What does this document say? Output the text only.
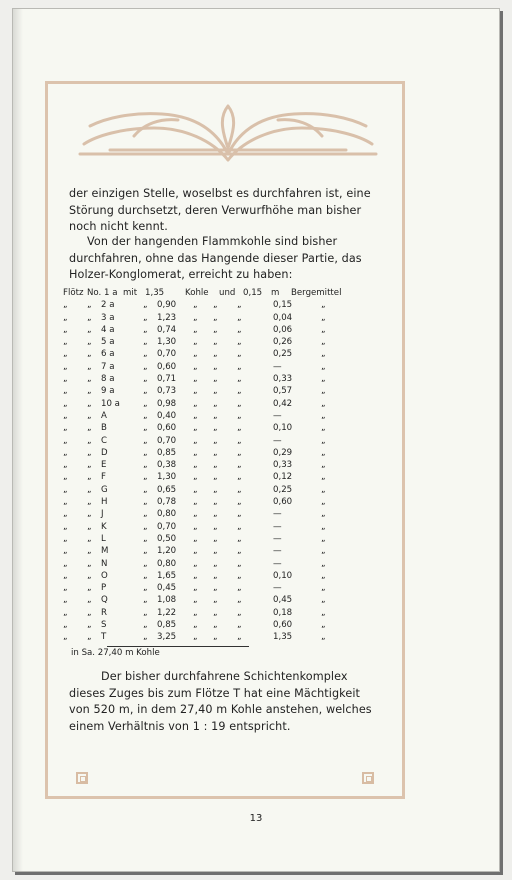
der einzigen Stelle, woselbst es durchfahren ist, eine Störung durchsetzt, deren Verwurfhöhe man bisher noch nicht kennt.
Von der hangenden Flammkohle sind bisher durchfahren, ohne das Hangende dieser Partie, das Holzer-Konglomerat, erreicht zu haben:
Flötz No. 1 a mit 1,35 Kohle und 0,15 m Bergemittel
„ „ 2 a	„ 0,90 „ „ „	0,15	„
„ „ 3 a	„ 1,23 „ „ „	0,04	„
„ „ 4 a	„ 0,74 „ „ „	0,06	„
„ „ 5 a	„ 1,30 „ „ „	0,26	„
„ „ 6 a	„ 0,70 „ „ „	0,25	„
„ „ 7 a	„ 0,60 „ „ „	—	„
„ „ 8 a	„ 0,71 „ „ „	0,33	„
„ „ 9 a	„ 0,73 „ „ „	0,57	„
„ „ 10 a	„ 0,98 „ „ „	0,42	„
„ „ A	„ 0,40 „ „ „	—	„
„ „ B	„ 0,60 „ „ „	0,10	„
„ „ C	„ 0,70 „ „ „	—	„
„ „ D	„ 0,85 „ „ „	0,29	„
„ „ E	„ 0,38 „ „ „	0,33	„
„ „ F	„ 1,30 „ „ „	0,12	„
„ „ G	„ 0,65 „ „ „	0,25	„
„ „ H	„ 0,78 „ „ „	0,60	„
„ „ J	„ 0,80 „ „ „	—	„
„ „ K	„ 0,70 „ „ „	—	„
„ „ L	„ 0,50 „ „ „	—	„
„ „ M	„ 1,20 „ „ „	—	„
„ „ N	„ 0,80 „ „ „	—	„
„ „ O	„ 1,65 „ „ „	0,10	„
„ „ P	„ 0,45 „ „ „	—	„
„ „ Q	„ 1,08 „ „ „	0,45	„
„ „ R	„ 1,22 „ „ „	0,18	„
„ „ S	„ 0,85 „ „ „	0,60	„
„ „ T	„ 3,25 „ „ „	1,35	„
in Sa. 27,40 m Kohle
Der bisher durchfahrene Schichtenkomplex dieses Zuges bis zum Flötze T hat eine Mächtigkeit von 520 m, in dem 27,40 m Kohle anstehen, welches einem Verhältnis von 1 : 19 entspricht.
13
